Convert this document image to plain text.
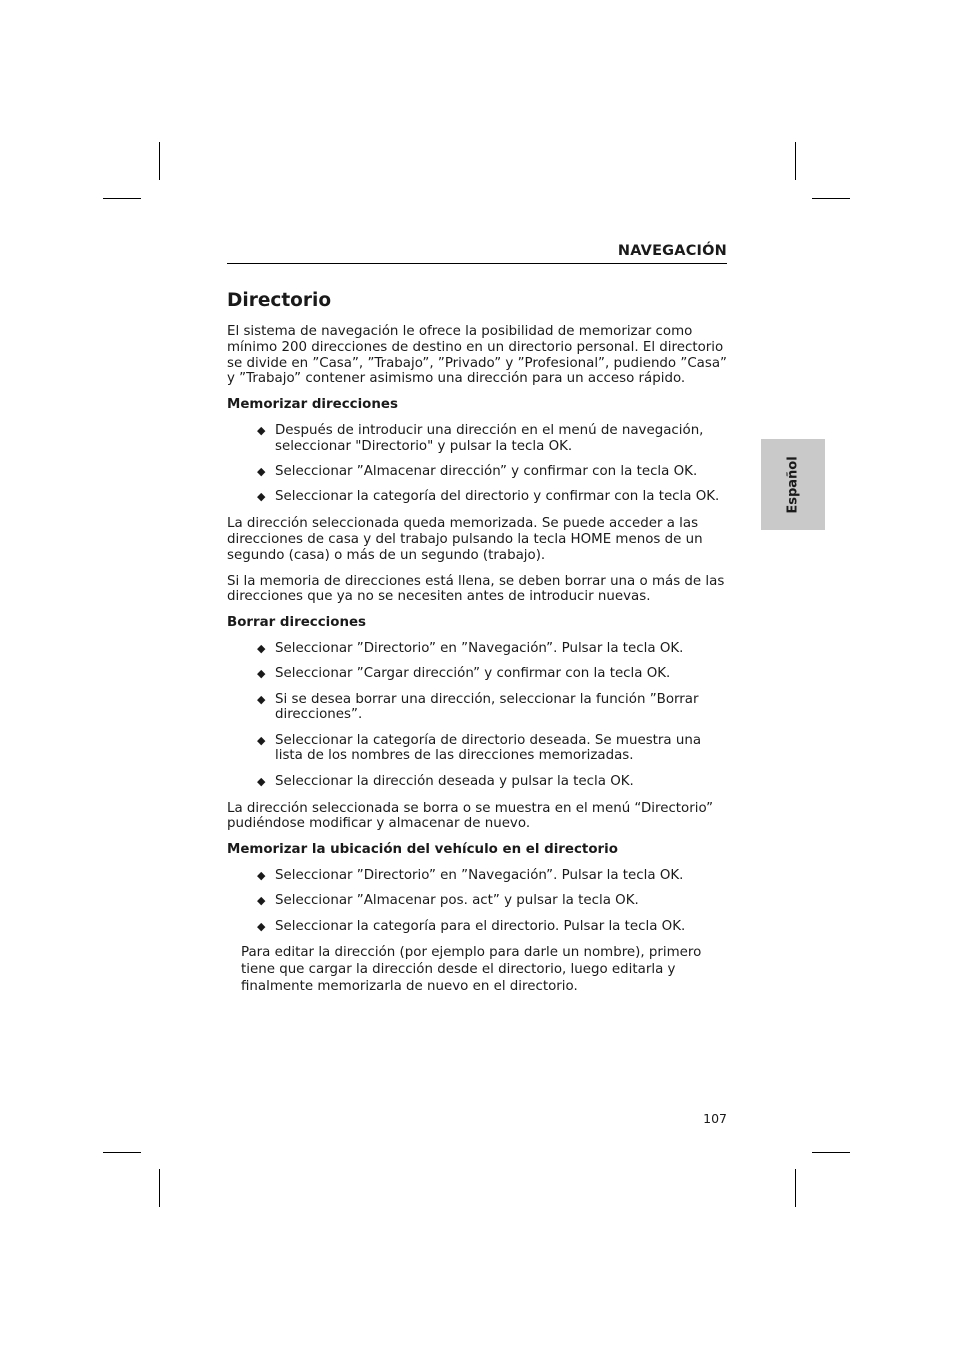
NAVEGACIÓN
Español
Directorio

El sistema de navegación le ofrece la posibilidad de memorizar como mínimo 200 direcciones de destino en un directorio personal. El directorio se divide en ”Casa”, ”Trabajo”, ”Privado” y ”Profesional”, pudiendo ”Casa” y ”Trabajo” contener asimismo una dirección para un acceso rápido.

Memorizar direcciones
◆ Después de introducir una dirección en el menú de navegación, seleccionar "Directorio" y pulsar la tecla OK.
◆ Seleccionar ”Almacenar dirección” y confirmar con la tecla OK.
◆ Seleccionar la categoría del directorio y confirmar con la tecla OK.

La dirección seleccionada queda memorizada. Se puede acceder a las direcciones de casa y del trabajo pulsando la tecla HOME menos de un segundo (casa) o más de un segundo (trabajo).

Si la memoria de direcciones está llena, se deben borrar una o más de las direcciones que ya no se necesiten antes de introducir nuevas.

Borrar direcciones
◆ Seleccionar ”Directorio” en ”Navegación”. Pulsar la tecla OK.
◆ Seleccionar ”Cargar dirección” y confirmar con la tecla OK.
◆ Si se desea borrar una dirección, seleccionar la función ”Borrar direcciones”.
◆ Seleccionar la categoría de directorio deseada. Se muestra una lista de los nombres de las direcciones memorizadas.
◆ Seleccionar la dirección deseada y pulsar la tecla OK.

La dirección seleccionada se borra o se muestra en el menú “Directorio” pudiéndose modificar y almacenar de nuevo.

Memorizar la ubicación del vehículo en el directorio
◆ Seleccionar ”Directorio” en ”Navegación”. Pulsar la tecla OK.
◆ Seleccionar ”Almacenar pos. act” y pulsar la tecla OK.
◆ Seleccionar la categoría para el directorio. Pulsar la tecla OK.

Para editar la dirección (por ejemplo para darle un nombre), primero tiene que cargar la dirección desde el directorio, luego editarla y finalmente memorizarla de nuevo en el directorio.

107
